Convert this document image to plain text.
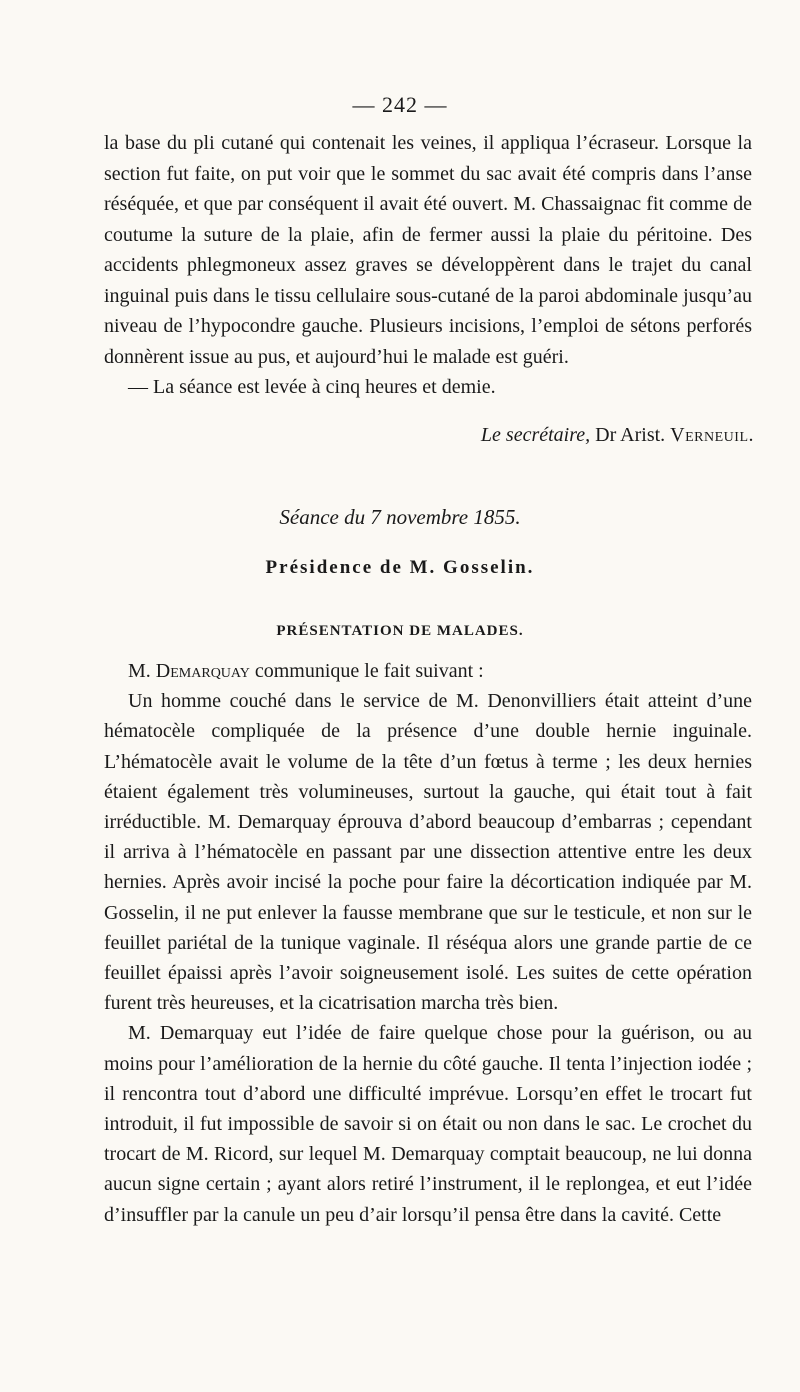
— 242 —

la base du pli cutané qui contenait les veines, il appliqua l’écraseur. Lorsque la section fut faite, on put voir que le sommet du sac avait été compris dans l’anse réséquée, et que par conséquent il avait été ouvert. M. Chassaignac fit comme de coutume la suture de la plaie, afin de fermer aussi la plaie du péritoine. Des accidents phlegmoneux assez graves se développèrent dans le trajet du canal inguinal puis dans le tissu cellulaire sous-cutané de la paroi abdominale jusqu’au niveau de l’hypocondre gauche. Plusieurs incisions, l’emploi de sétons perforés donnèrent issue au pus, et aujourd’hui le malade est guéri.

— La séance est levée à cinq heures et demie.

Le secrétaire, Dr Arist. Verneuil.
Séance du 7 novembre 1855.
Présidence de M. Gosselin.
PRÉSENTATION DE MALADES.

M. Demarquay communique le fait suivant :

Un homme couché dans le service de M. Denonvilliers était atteint d’une hématocèle compliquée de la présence d’une double hernie inguinale. L’hématocèle avait le volume de la tête d’un fœtus à terme ; les deux hernies étaient également très volumineuses, surtout la gauche, qui était tout à fait irréductible. M. Demarquay éprouva d’abord beaucoup d’embarras ; cependant il arriva à l’hématocèle en passant par une dissection attentive entre les deux hernies. Après avoir incisé la poche pour faire la décortication indiquée par M. Gosselin, il ne put enlever la fausse membrane que sur le testicule, et non sur le feuillet pariétal de la tunique vaginale. Il réséqua alors une grande partie de ce feuillet épaissi après l’avoir soigneusement isolé. Les suites de cette opération furent très heureuses, et la cicatrisation marcha très bien.

M. Demarquay eut l’idée de faire quelque chose pour la guérison, ou au moins pour l’amélioration de la hernie du côté gauche. Il tenta l’injection iodée ; il rencontra tout d’abord une difficulté imprévue. Lorsqu’en effet le trocart fut introduit, il fut impossible de savoir si on était ou non dans le sac. Le crochet du trocart de M. Ricord, sur lequel M. Demarquay comptait beaucoup, ne lui donna aucun signe certain ; ayant alors retiré l’instrument, il le replongea, et eut l’idée d’insuffler par la canule un peu d’air lorsqu’il pensa être dans la cavité. Cette
